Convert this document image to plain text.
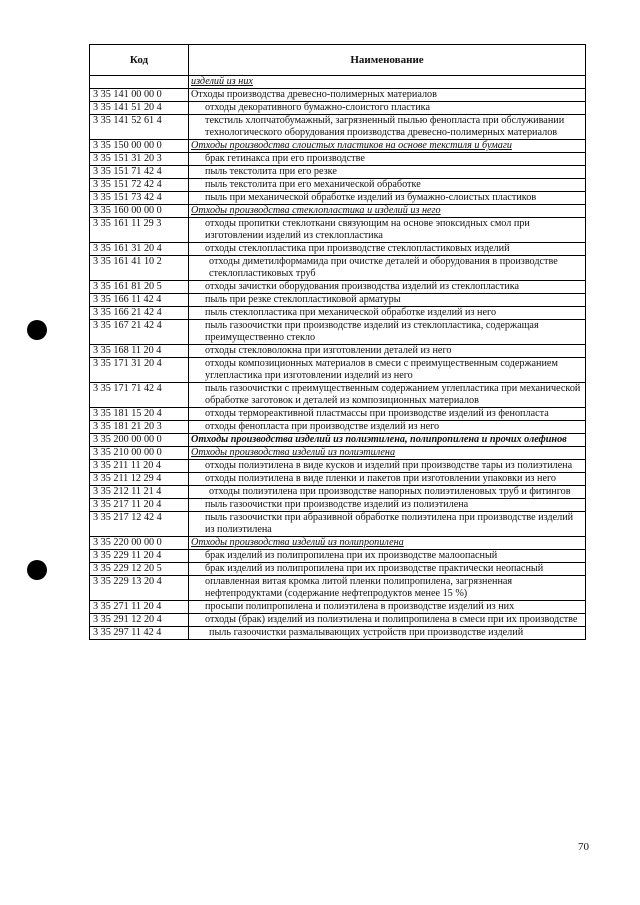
Код	Наименование
	изделий из них
3 35 141 00 00 0	Отходы производства древесно-полимерных материалов
3 35 141 51 20 4	отходы декоративного бумажно-слоистого пластика
3 35 141 52 61 4	текстиль хлопчатобумажный, загрязненный пылью фенопласта при обслуживании технологического оборудования производства древесно-полимерных материалов
3 35 150 00 00 0	Отходы производства слоистых пластиков на основе текстиля и бумаги
3 35 151 31 20 3	брак гетинакса при его производстве
3 35 151 71 42 4	пыль текстолита при его резке
3 35 151 72 42 4	пыль текстолита при его механической обработке
3 35 151 73 42 4	пыль при механической обработке изделий из бумажно-слоистых пластиков
3 35 160 00 00 0	Отходы производства стеклопластика и изделий из него
3 35 161 11 29 3	отходы пропитки стеклоткани связующим на основе эпоксидных смол при изготовлении изделий из стеклопластика
3 35 161 31 20 4	отходы стеклопластика при производстве стеклопластиковых изделий
3 35 161 41 10 2	отходы диметилформамида при очистке деталей и оборудования в производстве стеклопластиковых труб
3 35 161 81 20 5	отходы зачистки оборудования производства изделий из стеклопластика
3 35 166 11 42 4	пыль при резке стеклопластиковой арматуры
3 35 166 21 42 4	пыль стеклопластика при механической обработке изделий из него
3 35 167 21 42 4	пыль газоочистки при производстве изделий из стеклопластика, содержащая преимущественно стекло
3 35 168 11 20 4	отходы стекловолокна при изготовлении деталей из него
3 35 171 31 20 4	отходы композиционных материалов в смеси с преимущественным содержанием углепластика при изготовлении изделий из него
3 35 171 71 42 4	пыль газоочистки с преимущественным содержанием углепластика при механической обработке заготовок и деталей из композиционных материалов
3 35 181 15 20 4	отходы термореактивной пластмассы при производстве изделий из фенопласта
3 35 181 21 20 3	отходы фенопласта при производстве изделий из него
3 35 200 00 00 0	Отходы производства изделий из полиэтилена, полипропилена и прочих олефинов
3 35 210 00 00 0	Отходы производства изделий из полиэтилена
3 35 211 11 20 4	отходы полиэтилена в виде кусков и изделий при производстве тары из полиэтилена
3 35 211 12 29 4	отходы полиэтилена в виде пленки и пакетов при изготовлении упаковки из него
3 35 212 11 21 4	отходы полиэтилена при производстве напорных полиэтиленовых труб и фитингов
3 35 217 11 20 4	пыль газоочистки при производстве изделий из полиэтилена
3 35 217 12 42 4	пыль газоочистки при абразивной обработке полиэтилена при производстве изделий из полиэтилена
3 35 220 00 00 0	Отходы производства изделий из полипропилена
3 35 229 11 20 4	брак изделий из полипропилена при их производстве малоопасный
3 35 229 12 20 5	брак изделий из полипропилена при их производстве практически неопасный
3 35 229 13 20 4	оплавленная витая кромка литой пленки полипропилена, загрязненная нефтепродуктами (содержание нефтепродуктов менее 15 %)
3 35 271 11 20 4	просыпи полипропилена и полиэтилена в производстве изделий из них
3 35 291 12 20 4	отходы (брак) изделий из полиэтилена и полипропилена в смеси при их производстве
3 35 297 11 42 4	пыль газоочистки размалывающих устройств при производстве изделий
70
